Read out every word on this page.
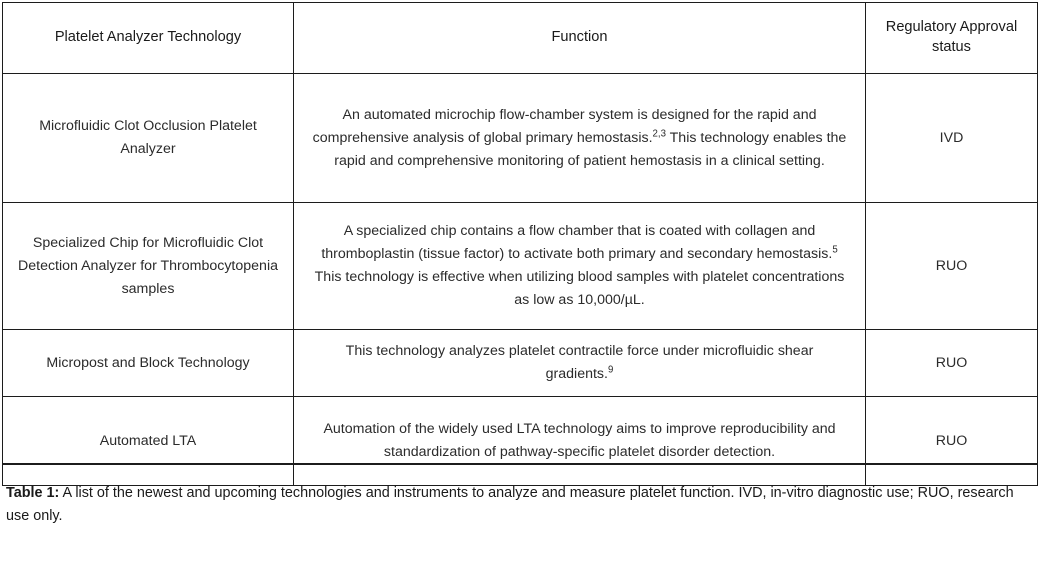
Platelet Analyzer Technology	Function	Regulatory Approval status
Microfluidic Clot Occlusion Platelet Analyzer	An automated microchip flow-chamber system is designed for the rapid and comprehensive analysis of global primary hemostasis.$^{2,3}$ This technology enables the rapid and comprehensive monitoring of patient hemostasis in a clinical setting.	IVD
Specialized Chip for Microfluidic Clot Detection Analyzer for Thrombocytopenia samples	A specialized chip contains a flow chamber that is coated with collagen and thromboplastin (tissue factor) to activate both primary and secondary hemostasis.$^5$ This technology is effective when utilizing blood samples with platelet concentrations as low as 10,000/µL.	RUO
Micropost and Block Technology	This technology analyzes platelet contractile force under microfluidic shear gradients.$^9$	RUO
Automated LTA	Automation of the widely used LTA technology aims to improve reproducibility and standardization of pathway-specific platelet disorder detection.	RUO
Table 1: A list of the newest and upcoming technologies and instruments to analyze and measure platelet function. IVD, in-vitro diagnostic use; RUO, research use only.
